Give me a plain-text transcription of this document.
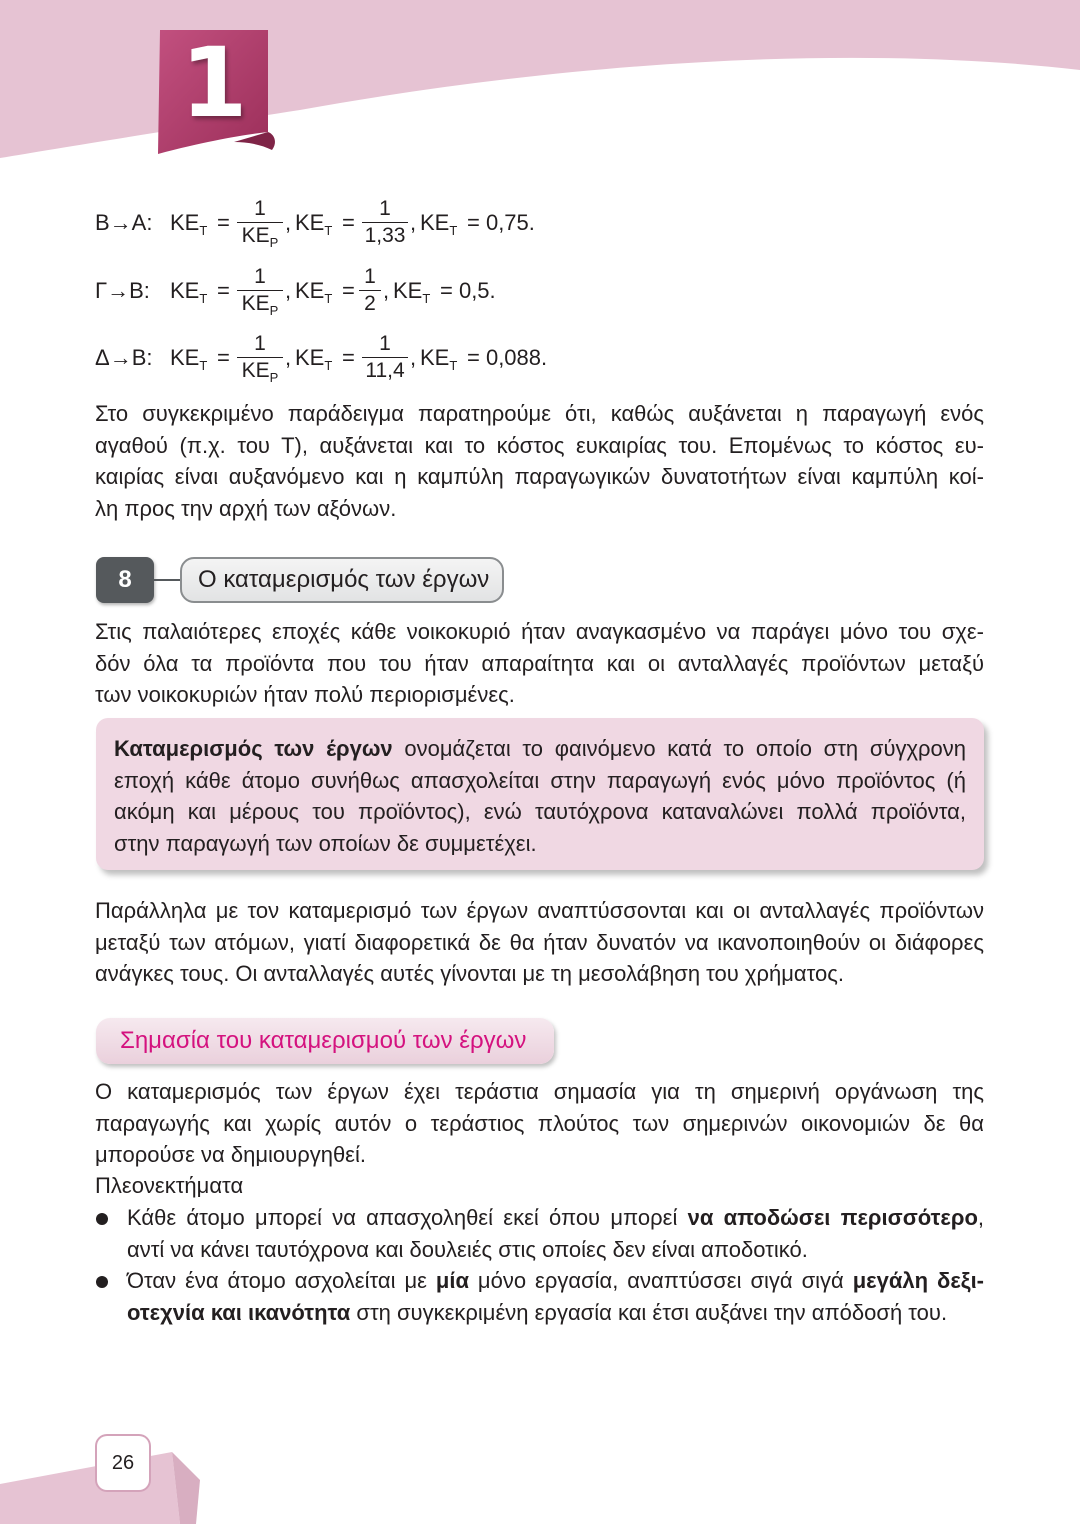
1
Β→Α: $KE_T$ =
1
$KE_P$
, $KE_T$ =
1
1,33
, $KE_T = 0,75$.
Γ→Β: $KE_T$ =
1
$KE_P$
, $KE_T$ =
1
2
, $KE_T = 0,5$.
Δ→Β: $KE_T$ =
1
$KE_P$
, $KE_T$ =
1
11,4
, $KE_T = 0,088$.
Στο συγκεκριμένο παράδειγμα παρατηρούμε ότι, καθώς αυξάνεται η παραγωγή ενός
αγαθού (π.χ. του Τ), αυξάνεται και το κόστος ευκαιρίας του. Επομένως το κόστος ευ-
καιρίας είναι αυξανόμενο και η καμπύλη παραγωγικών δυνατοτήτων είναι καμπύλη κοί-
λη προς την αρχή των αξόνων.
8	Ο καταμερισμός των έργων
Στις παλαιότερες εποχές κάθε νοικοκυριό ήταν αναγκασμένο να παράγει μόνο του σχε-
δόν όλα τα προϊόντα που του ήταν απαραίτητα και οι ανταλλαγές προϊόντων μεταξύ
των νοικοκυριών ήταν πολύ περιορισμένες.
Καταμερισμός των έργων ονομάζεται το φαινόμενο κατά το οποίο στη σύγχρονη
εποχή κάθε άτομο συνήθως απασχολείται στην παραγωγή ενός μόνο προϊόντος (ή
ακόμη και μέρους του προϊόντος), ενώ ταυτόχρονα καταναλώνει πολλά προϊόντα,
στην παραγωγή των οποίων δε συμμετέχει.
Παράλληλα με τον καταμερισμό των έργων αναπτύσσονται και οι ανταλλαγές προϊόντων
μεταξύ των ατόμων, γιατί διαφορετικά δε θα ήταν δυνατόν να ικανοποιηθούν οι διάφορες
ανάγκες τους. Οι ανταλλαγές αυτές γίνονται με τη μεσολάβηση του χρήματος.
Σημασία του καταμερισμού των έργων
Ο καταμερισμός των έργων έχει τεράστια σημασία για τη σημερινή οργάνωση της
παραγωγής και χωρίς αυτόν ο τεράστιος πλούτος των σημερινών οικονομιών δε θα
μπορούσε να δημιουργηθεί.
Πλεονεκτήματα
Κάθε άτομο μπορεί να απασχοληθεί εκεί όπου μπορεί να αποδώσει περισσότερο,
αντί να κάνει ταυτόχρονα και δουλειές στις οποίες δεν είναι αποδοτικό.
Όταν ένα άτομο ασχολείται με μία μόνο εργασία, αναπτύσσει σιγά σιγά μεγάλη δεξι-
οτεχνία και ικανότητα στη συγκεκριμένη εργασία και έτσι αυξάνει την απόδοσή του.
26
